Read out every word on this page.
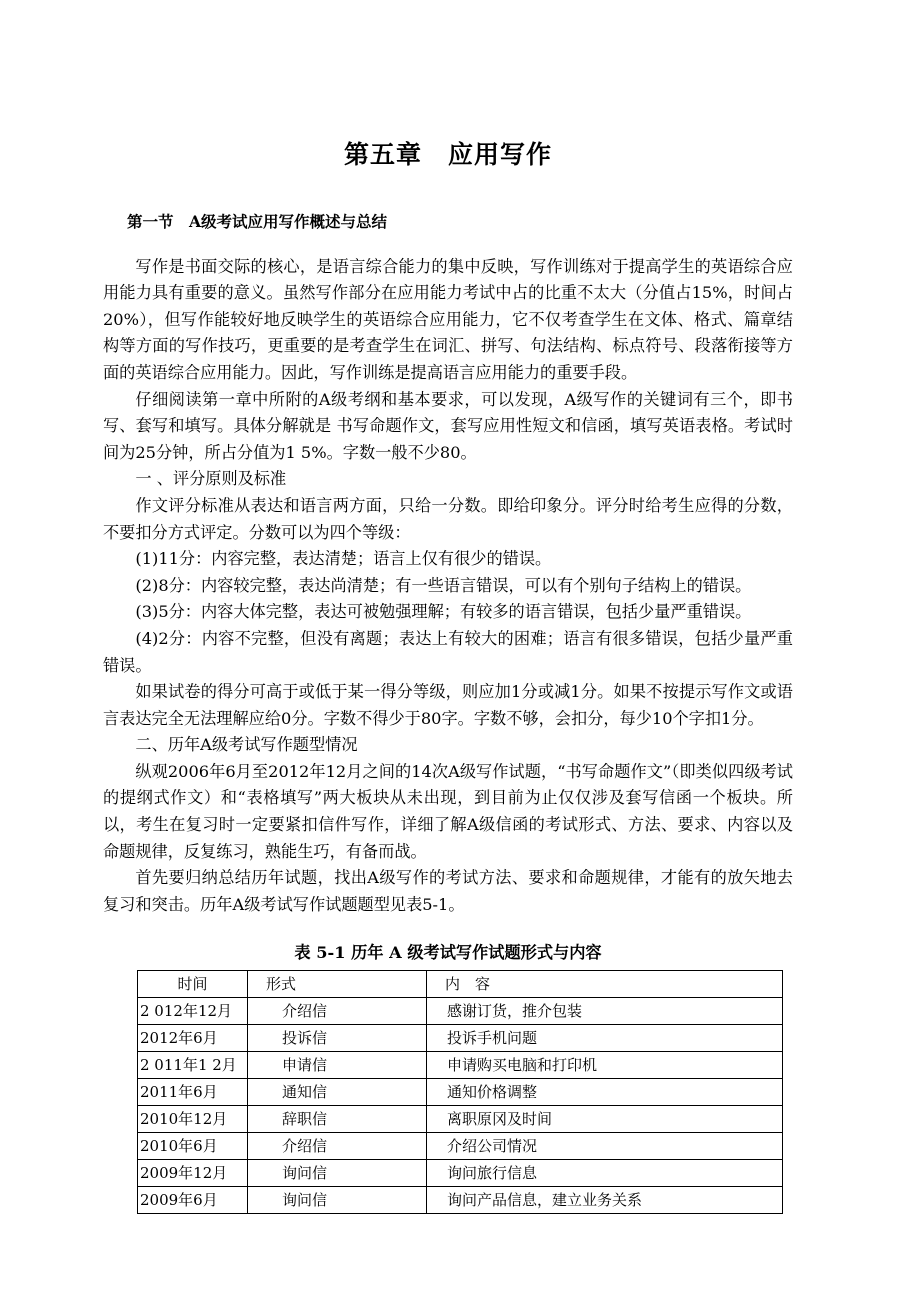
第五章　应用写作
第一节　A级考试应用写作概述与总结

写作是书面交际的核心，是语言综合能力的集中反映，写作训练对于提高学生的英语综合应用能力具有重要的意义。虽然写作部分在应用能力考试中占的比重不太大（分值占15%，时间占20%），但写作能较好地反映学生的英语综合应用能力，它不仅考查学生在文体、格式、篇章结构等方面的写作技巧，更重要的是考查学生在词汇、拼写、句法结构、标点符号、段落衔接等方面的英语综合应用能力。因此，写作训练是提高语言应用能力的重要手段。

仔细阅读第一章中所附的A级考纲和基本要求，可以发现，A级写作的关键词有三个，即书写、套写和填写。具体分解就是 书写命题作文，套写应用性短文和信函，填写英语表格。考试时间为25分钟，所占分值为1 5%。字数一般不少80。

一 、评分原则及标准

作文评分标准从表达和语言两方面，只给一分数。即给印象分。评分时给考生应得的分数，不要扣分方式评定。分数可以为四个等级：

(1)11分：内容完整，表达清楚；语言上仅有很少的错误。

(2)8分：内容较完整，表达尚清楚；有一些语言错误，可以有个别句子结构上的错误。

(3)5分：内容大体完整，表达可被勉强理解；有较多的语言错误，包括少量严重错误。

(4)2分：内容不完整，但没有离题；表达上有较大的困难；语言有很多错误，包括少量严重错误。

如果试卷的得分可高于或低于某一得分等级，则应加1分或减1分。如果不按提示写作文或语言表达完全无法理解应给0分。字数不得少于80字。字数不够，会扣分，每少10个字扣1分。

二、历年A级考试写作题型情况

纵观2006年6月至2012年12月之间的14次A级写作试题，“书写命题作文”（即类似四级考试的提纲式作文）和“表格填写”两大板块从未出现，到目前为止仅仅涉及套写信函一个板块。所以，考生在复习时一定要紧扣信件写作，详细了解A级信函的考试形式、方法、要求、内容以及命题规律，反复练习，熟能生巧，有备而战。

首先要归纳总结历年试题，找出A级写作的考试方法、要求和命题规律，才能有的放矢地去复习和突击。历年A级考试写作试题题型见表5-1。

表 5-1 历年 A 级考试写作试题形式与内容
时间	形式	内　容
2 012年12月	介绍信	感谢订货，推介包装
2012年6月	投诉信	投诉手机问题
2 011年1 2月	申请信	申请购买电脑和打印机
2011年6月	通知信	通知价格调整
2010年12月	辞职信	离职原冈及时间
2010年6月	介绍信	介绍公司情况
2009年12月	询问信	询问旅行信息
2009年6月	询问信	询问产品信息，建立业务关系
